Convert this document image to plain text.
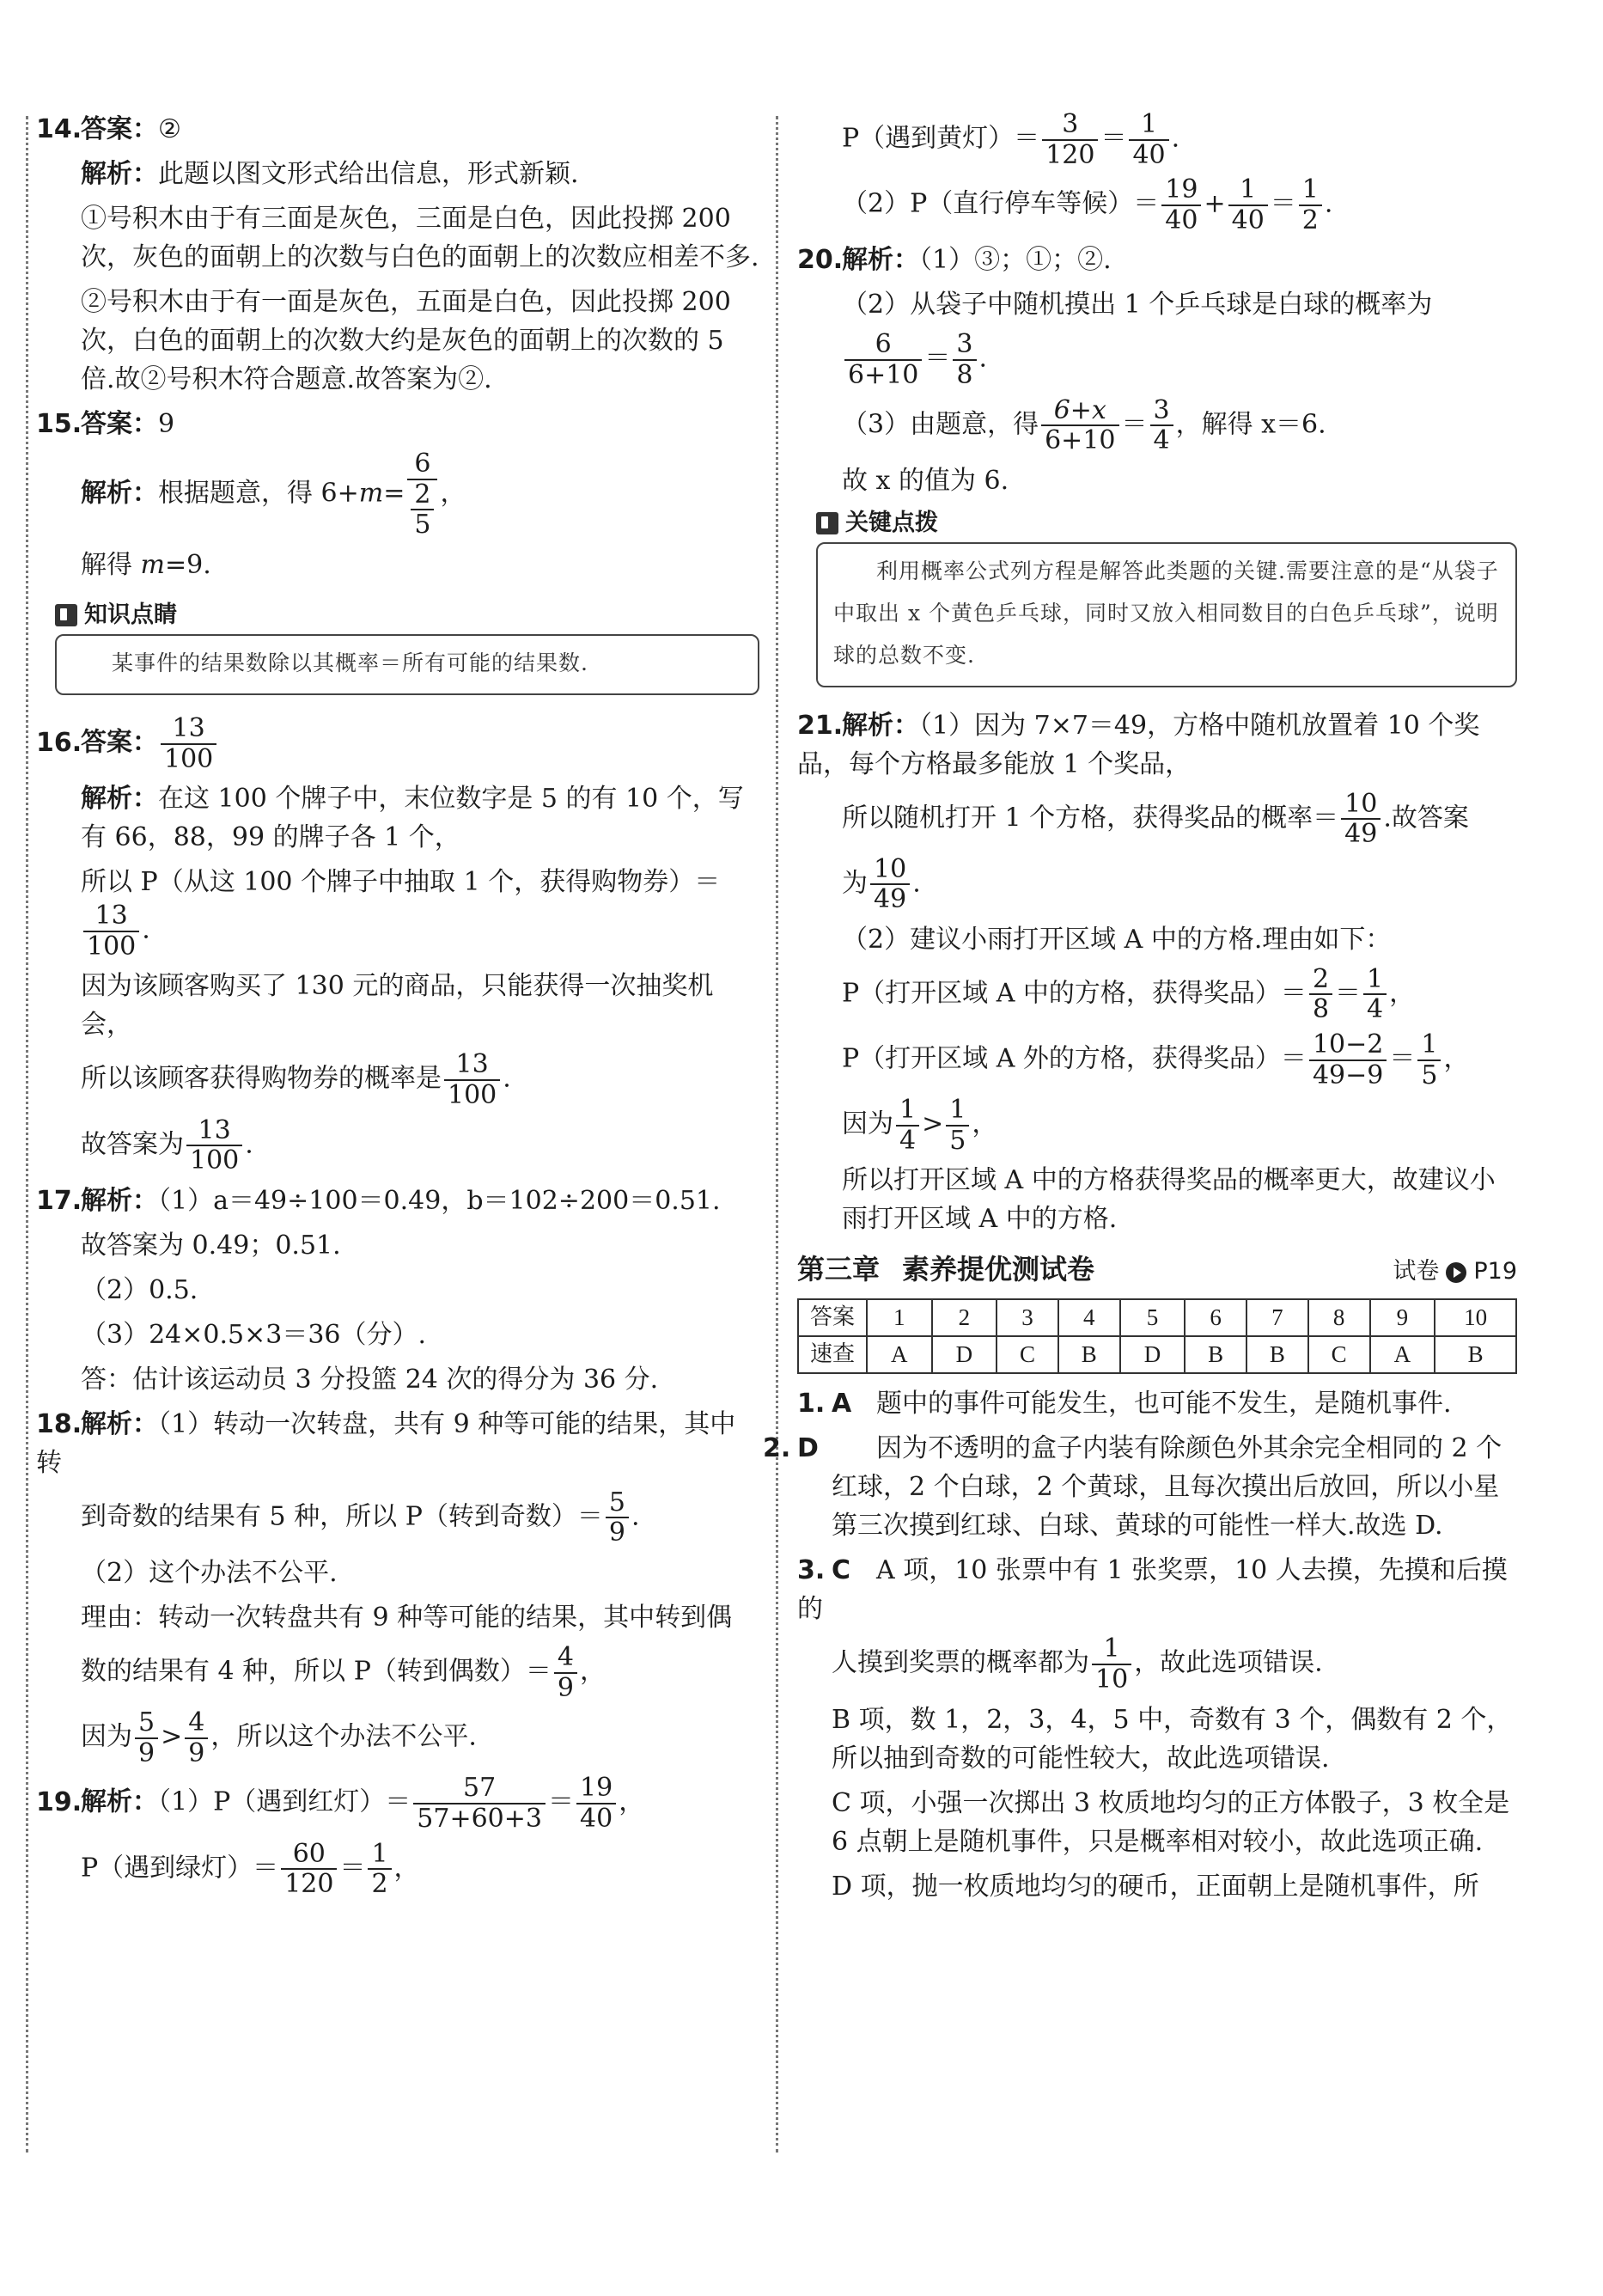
14.答案：②

解析：此题以图文形式给出信息，形式新颖.

①号积木由于有三面是灰色，三面是白色，因此投掷 200 次，灰色的面朝上的次数与白色的面朝上的次数应相差不多.

②号积木由于有一面是灰色，五面是白色，因此投掷 200 次，白色的面朝上的次数大约是灰色的面朝上的次数的 5 倍.故②号积木符合题意.故答案为②.

15.答案：9

解析：根据题意，得 $6+m= \frac{6}{\frac{2}{5}}$ ，

解得 m=9.

知识点睛
某事件的结果数除以其概率＝所有可能的结果数.

16.答案： $\frac{13}{100}$

解析：在这 100 个牌子中，末位数字是 5 的有 10 个，写有 66，88，99 的牌子各 1 个，

所以 P（从这 100 个牌子中抽取 1 个，获得购物券）＝
$\frac{13}{100}$ .

因为该顾客购买了 130 元的商品，只能获得一次抽奖机会，

所以该顾客获得购物券的概率是 $\frac{13}{100}$ .

故答案为 $\frac{13}{100}$ .

17.解析：（1）a＝49÷100＝0.49，b＝102÷200＝0.51.

故答案为 0.49；0.51.

（2）0.5.

（3）24×0.5×3＝36（分）.

答：估计该运动员 3 分投篮 24 次的得分为 36 分.

18.解析：（1）转动一次转盘，共有 9 种等可能的结果，其中转

到奇数的结果有 5 种，所以 P（转到奇数）＝ $\frac{5}{9}$ .

（2）这个办法不公平.

理由：转动一次转盘共有 9 种等可能的结果，其中转到偶

数的结果有 4 种，所以 P（转到偶数）＝ $\frac{4}{9}$ ，

因为 $\frac{5}{9} > \frac{4}{9}$ ，所以这个办法不公平.

19.解析：（1）P（遇到红灯）＝ $\frac{57}{57+60+3} = \frac{19}{40}$ ，

P（遇到绿灯）＝ $\frac{60}{120} = \frac{1}{2}$ ，

P（遇到黄灯）＝ $\frac{3}{120} = \frac{1}{40}$ .

（2）P（直行停车等候）＝ $\frac{19}{40} + \frac{1}{40} = \frac{1}{2}$ .

20.解析：（1）③；①；②.

（2）从袋子中随机摸出 1 个乒乓球是白球的概率为

$\frac{6}{6+10} = \frac{3}{8}$ .

（3）由题意，得 $\frac{6+x}{6+10} = \frac{3}{4}$ ，解得 x＝6.

故 x 的值为 6.

关键点拨
利用概率公式列方程是解答此类题的关键.需要注意的是“从袋子中取出 x 个黄色乒乓球，同时又放入相同数目的白色乒乓球”，说明球的总数不变.

21.解析：（1）因为 7×7＝49，方格中随机放置着 10 个奖品，每个方格最多能放 1 个奖品，

所以随机打开 1 个方格，获得奖品的概率＝ $\frac{10}{49}$ .故答案

为 $\frac{10}{49}$ .

（2）建议小雨打开区域 A 中的方格.理由如下：

P（打开区域 A 中的方格，获得奖品）＝ $\frac{2}{8} = \frac{1}{4}$ ，

P（打开区域 A 外的方格，获得奖品）＝ $\frac{10-2}{49-9} = \frac{1}{5}$ ，

因为 $\frac{1}{4} > \frac{1}{5}$ ，

所以打开区域 A 中的方格获得奖品的概率更大，故建议小雨打开区域 A 中的方格.

第三章 素养提优测试卷	试卷 P19
答案	1	2	3	4	5	6	7	8	9	10
速查	A	D	C	B	D	B	B	C	A	B

1. A 题中的事件可能发生，也可能不发生，是随机事件.

2. D 因为不透明的盒子内装有除颜色外其余完全相同的 2 个红球，2 个白球，2 个黄球，且每次摸出后放回，所以小星第三次摸到红球、白球、黄球的可能性一样大.故选 D.

3. C A 项，10 张票中有 1 张奖票，10 人去摸，先摸和后摸的

人摸到奖票的概率都为 $\frac{1}{10}$ ，故此选项错误.

B 项，数 1，2，3，4，5 中，奇数有 3 个，偶数有 2 个，所以抽到奇数的可能性较大，故此选项错误.

C 项，小强一次掷出 3 枚质地均匀的正方体骰子，3 枚全是 6 点朝上是随机事件，只是概率相对较小，故此选项正确.

D 项，抛一枚质地均匀的硬币，正面朝上是随机事件，所
